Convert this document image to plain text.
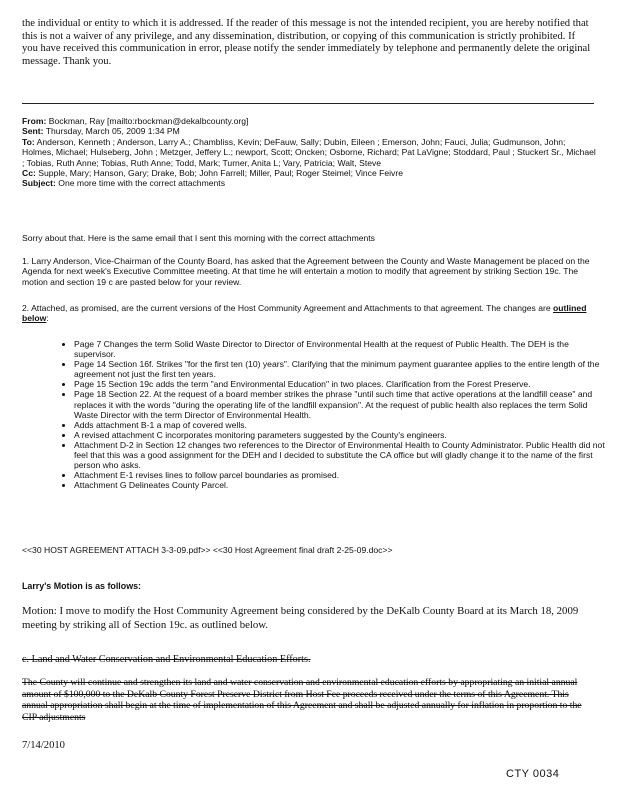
the individual or entity to which it is addressed. If the reader of this message is not the intended recipient, you are hereby notified that this is not a waiver of any privilege, and any dissemination, distribution, or copying of this communication is strictly prohibited. If you have received this communication in error, please notify the sender immediately by telephone and permanently delete the original message. Thank you.
From: Bockman, Ray [mailto:rbockman@dekalbcounty.org]
Sent: Thursday, March 05, 2009 1:34 PM
To: Anderson, Kenneth ; Anderson, Larry A.; Chambliss, Kevin; DeFauw, Sally; Dubin, Eileen ; Emerson, John; Fauci, Julia; Gudmunson, John; Holmes, Michael; Hulseberg, John ; Metzger, Jeffery L.; newport, Scott; Oncken; Osborne, Richard; Pat LaVigne; Stoddard, Paul ; Stuckert Sr., Michael ; Tobias, Ruth Anne; Tobias, Ruth Anne; Todd, Mark; Turner, Anita L; Vary, Patricia; Walt, Steve
Cc: Supple, Mary; Hanson, Gary; Drake, Bob; John Farrell; Miller, Paul; Roger Steimel; Vince Feivre
Subject: One more time with the correct attachments
Sorry about that. Here is the same email that I sent this morning with the correct attachments
1. Larry Anderson, Vice-Chairman of the County Board, has asked that the Agreement between the County and Waste Management be placed on the Agenda for next week's Executive Committee meeting. At that time he will entertain a motion to modify that agreement by striking Section 19c. The motion and section 19 c are pasted below for your review.
2. Attached, as promised, are the current versions of the Host Community Agreement and Attachments to that agreement. The changes are outlined below:
• Page 7 Changes the term Solid Waste Director to Director of Environmental Health at the request of Public Health. The DEH is the supervisor.
• Page 14 Section 16f. Strikes "for the first ten (10) years". Clarifying that the minimum payment guarantee applies to the entire length of the agreement not just the first ten years.
• Page 15 Section 19c adds the term "and Environmental Education" in two places. Clarification from the Forest Preserve.
• Page 18 Section 22. At the request of a board member strikes the phrase "until such time that active operations at the landfill cease" and replaces it with the words "during the operating life of the landfill expansion". At the request of public health also replaces the term Solid Waste Director with the term Director of Environmental Health.
• Adds attachment B-1 a map of covered wells.
• A revised attachment C incorporates monitoring parameters suggested by the County's engineers.
• Attachment D-2 in Section 12 changes two references to the Director of Environmental Health to County Administrator. Public Health did not feel that this was a good assignment for the DEH and I decided to substitute the CA office but will gladly change it to the name of the first person who asks.
• Attachment E-1 revises lines to follow parcel boundaries as promised.
• Attachment G Delineates County Parcel.
<<30 HOST AGREEMENT ATTACH 3-3-09.pdf>> <<30 Host Agreement final draft 2-25-09.doc>>
Larry's Motion is as follows:
Motion: I move to modify the Host Community Agreement being considered by the DeKalb County Board at its March 18, 2009 meeting by striking all of Section 19c. as outlined below.
c. Land and Water Conservation and Environmental Education Efforts.
The County will continue and strengthen its land and water conservation and environmental education efforts by appropriating an initial annual amount of $100,000 to the DeKalb County Forest Preserve District from Host Fee proceeds received under the terms of this Agreement. This annual appropriation shall begin at the time of implementation of this Agreement and shall be adjusted annually for inflation in proportion to the CIP adjustments
7/14/2010
CTY 0034
